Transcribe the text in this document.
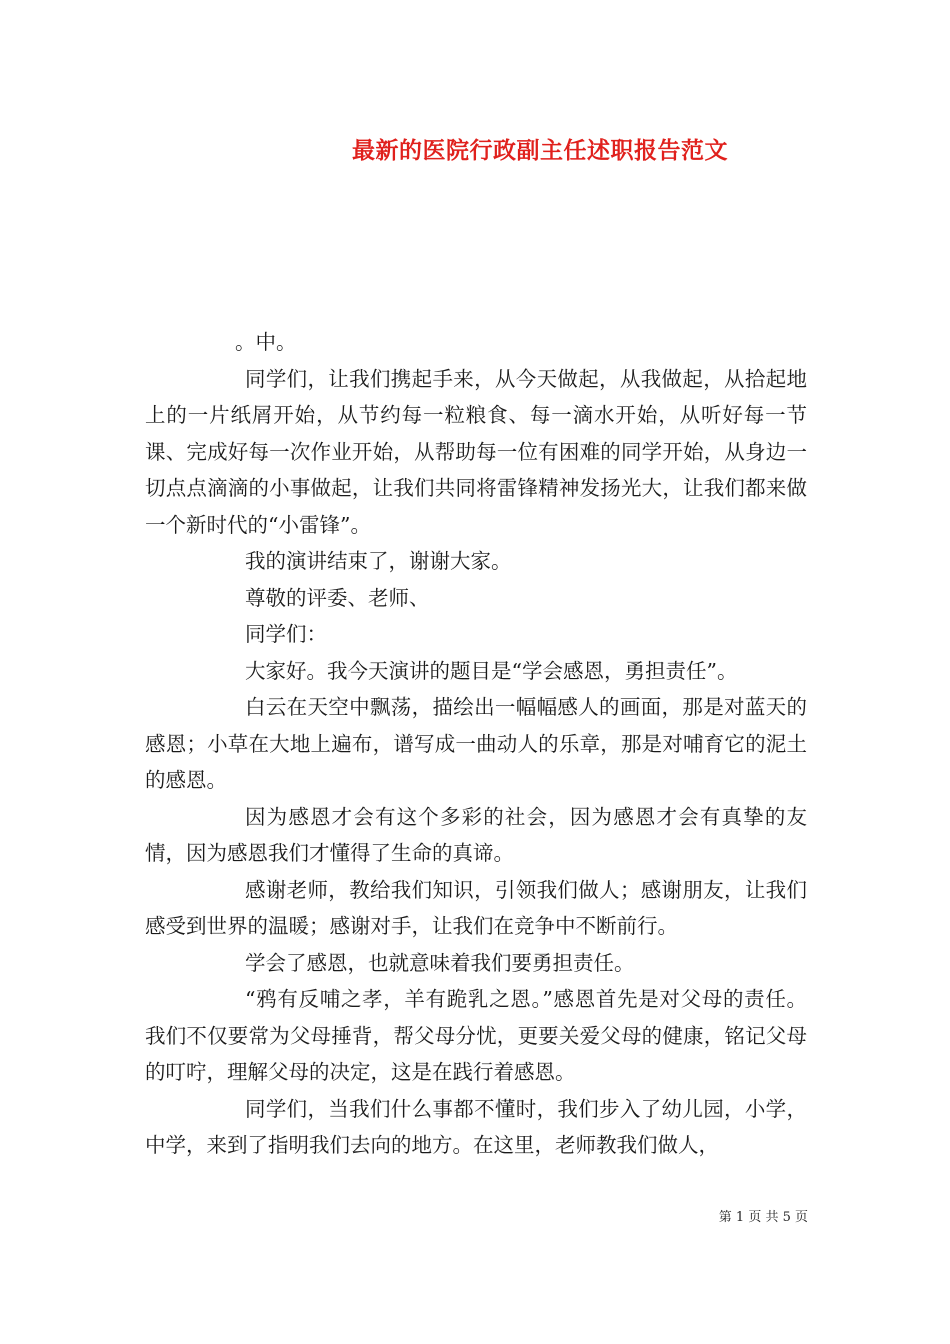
最新的医院行政副主任述职报告范文

。中。

同学们，让我们携起手来，从今天做起，从我做起，从拾起地上的一片纸屑开始，从节约每一粒粮食、每一滴水开始，从听好每一节课、完成好每一次作业开始，从帮助每一位有困难的同学开始，从身边一切点点滴滴的小事做起，让我们共同将雷锋精神发扬光大，让我们都来做一个新时代的“小雷锋”。

我的演讲结束了，谢谢大家。

尊敬的评委、老师、

同学们：

大家好。我今天演讲的题目是“学会感恩，勇担责任”。

白云在天空中飘荡，描绘出一幅幅感人的画面，那是对蓝天的感恩；小草在大地上遍布，谱写成一曲动人的乐章，那是对哺育它的泥土的感恩。

因为感恩才会有这个多彩的社会，因为感恩才会有真挚的友情，因为感恩我们才懂得了生命的真谛。

感谢老师，教给我们知识，引领我们做人；感谢朋友，让我们感受到世界的温暖；感谢对手，让我们在竞争中不断前行。

学会了感恩，也就意味着我们要勇担责任。

“鸦有反哺之孝，羊有跪乳之恩。”感恩首先是对父母的责任。我们不仅要常为父母捶背，帮父母分忧，更要关爱父母的健康，铭记父母的叮咛，理解父母的决定，这是在践行着感恩。

同学们，当我们什么事都不懂时，我们步入了幼儿园，小学，中学，来到了指明我们去向的地方。在这里，老师教我们做人，

第 1 页 共 5 页
